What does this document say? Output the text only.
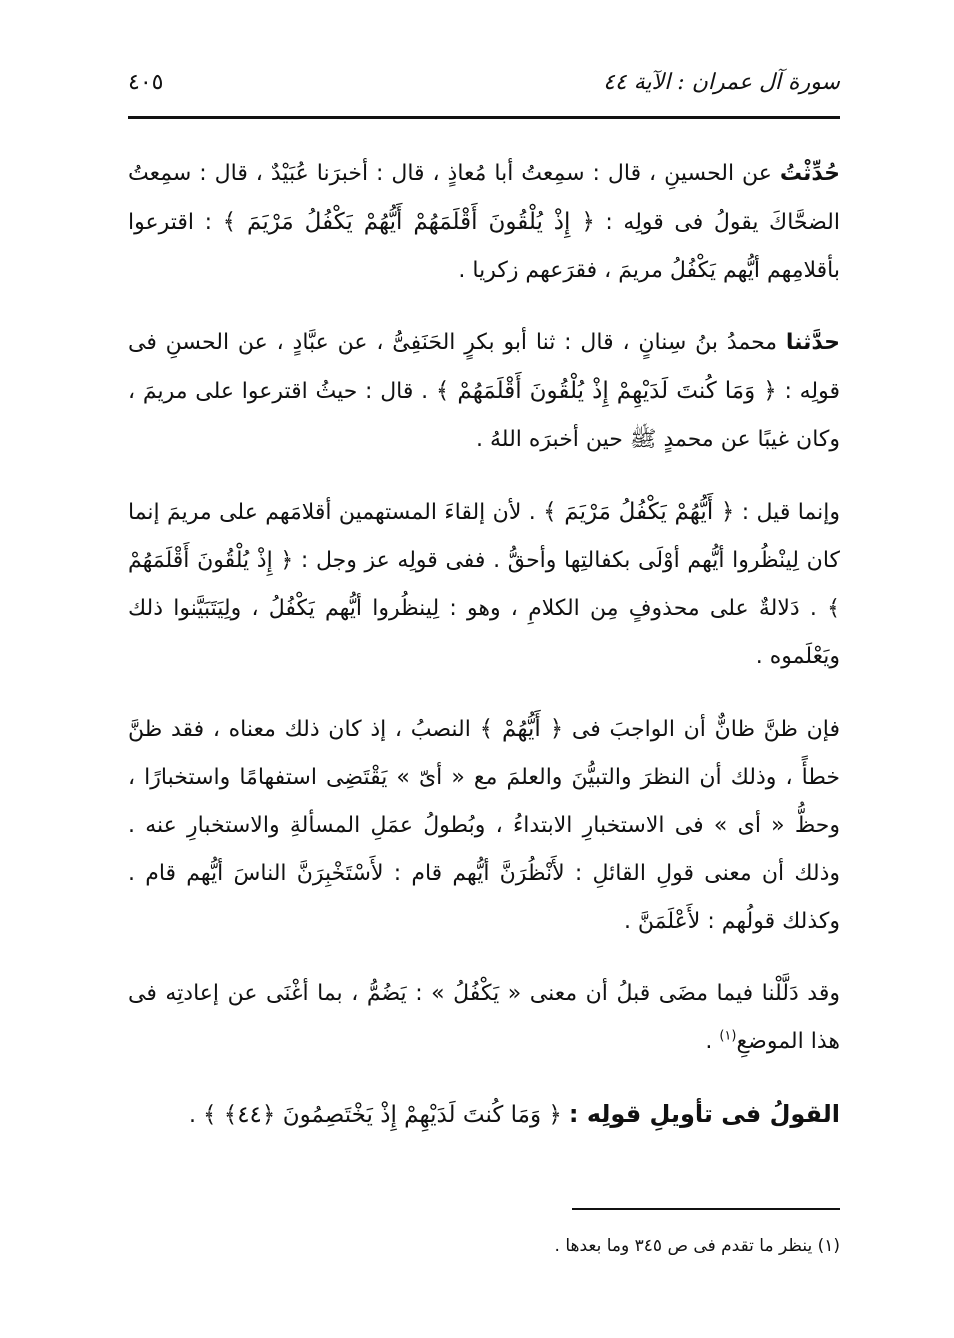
٤٠٥	سورة آل عمران : الآية ٤٤

حُدِّثْتُ عن الحسينِ ، قال : سمِعتُ أبا مُعاذٍ ، قال : أخبرَنا عُبَيْدٌ ، قال : سمِعتُ الضحَّاكَ يقولُ فى قولِه : ﴿ إِذْ يُلْقُونَ أَقْلَمَهُمْ أَيُّهُمْ يَكْفُلُ مَرْيَمَ ﴾ : اقترعوا بأقلامِهم أيُّهم يَكْفُلُ مريمَ ، فقرَعهم زكريا .

حدَّثنا محمدُ بنُ سِنانٍ ، قال : ثنا أبو بكرٍ الحَنَفِىُّ ، عن عبَّادٍ ، عن الحسنِ فى قولِه : ﴿ وَمَا كُنتَ لَدَيْهِمْ إِذْ يُلْقُونَ أَقْلَمَهُمْ ﴾ . قال : حيثُ اقترعوا على مريمَ ، وكان غيبًا عن محمدٍ ﷺ حين أخبرَه اللهُ .

وإنما قيل : ﴿ أَيُّهُمْ يَكْفُلُ مَرْيَمَ ﴾ . لأن إلقاءَ المستهمين أقلامَهم على مريمَ إنما كان لِينْظُروا أيُّهم أوْلَى بكفالتِها وأحقُّ . ففى قولِه عز وجل : ﴿ إِذْ يُلْقُونَ أَقْلَمَهُمْ ﴾ . دَلالةٌ على محذوفٍ مِن الكلامِ ، وهو : لِينظُروا أيُّهم يَكْفُلُ ، ولِيَتَبَيَّنوا ذلك ويَعْلَموه .

فإن ظنَّ ظانٌّ أن الواجبَ فى ﴿ أَيُّهُمْ ﴾ النصبُ ، إذ كان ذلك معناه ، فقد ظنَّ خطأً ، وذلك أن النظرَ والتبيُّنَ والعلمَ مع « أىّ » يَقْتَضِى استفهامًا واستخبارًا ، وحظُّ « أى » فى الاستخبارِ الابتداءُ ، وبُطولُ عمَلِ المسألةِ والاستخبارِ عنه . وذلك أن معنى قولِ القائلِ : لأَنْظُرَنَّ أيُّهم قام : لأَسْتَخْبِرَنَّ الناسَ أيُّهم قام . وكذلك قولُهم : لأَعْلَمَنَّ .

وقد دَلَّلْنا فيما مضَى قبلُ أن معنى « يَكْفُلُ » : يَضُمُّ ، بما أغْنَى عن إعادتِه فى هذا الموضعِ$^{(١)}$ .

القولُ فى تأويلِ قولِه : ﴿ وَمَا كُنتَ لَدَيْهِمْ إِذْ يَخْتَصِمُونَ ﴿٤٤﴾ ﴾ .

(١) ينظر ما تقدم فى ص ٣٤٥ وما بعدها .
